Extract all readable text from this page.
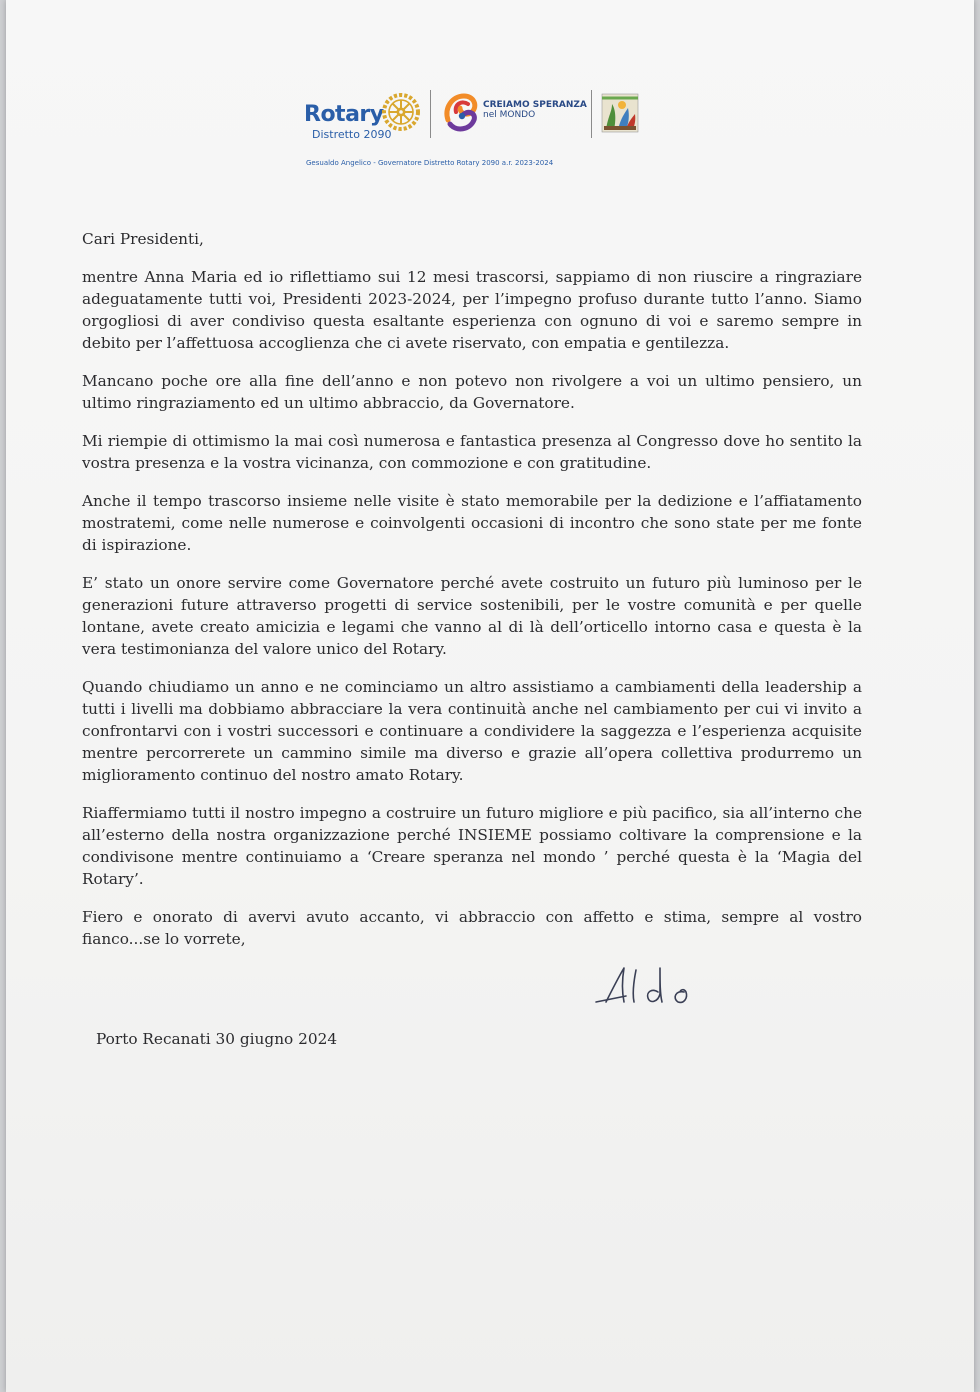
Rotary
Distretto 2090
CREIAMO SPERANZA
nel MONDO
Gesualdo Angelico - Governatore Distretto Rotary 2090 a.r. 2023-2024
Cari Presidenti,

mentre Anna Maria ed io riflettiamo sui 12 mesi trascorsi, sappiamo di non riuscire a ringraziare adeguatamente tutti voi, Presidenti 2023-2024, per l’impegno profuso durante tutto l’anno. Siamo orgogliosi di aver condiviso questa esaltante esperienza con ognuno di voi e saremo sempre in debito per l’affettuosa accoglienza che ci avete riservato, con empatia e gentilezza.

Mancano poche ore alla fine dell’anno e non potevo non rivolgere a voi un ultimo pensiero, un ultimo ringraziamento ed un ultimo abbraccio, da Governatore.

Mi riempie di ottimismo la mai così numerosa e fantastica presenza al Congresso dove ho sentito la vostra presenza e la vostra vicinanza, con commozione e con gratitudine.

Anche il tempo trascorso insieme nelle visite è stato memorabile per la dedizione e l’affiatamento mostratemi, come nelle numerose e coinvolgenti occasioni di incontro che sono state per me fonte di ispirazione.

E’ stato un onore servire come Governatore perché avete costruito un futuro più luminoso per le generazioni future attraverso progetti di service sostenibili, per le vostre comunità e per quelle lontane, avete creato amicizia e legami che vanno al di là dell’orticello intorno casa e questa è la vera testimonianza del valore unico del Rotary.

Quando chiudiamo un anno e ne cominciamo un altro assistiamo a cambiamenti della leadership a tutti i livelli ma dobbiamo abbracciare la vera continuità anche nel cambiamento per cui vi invito a confrontarvi con i vostri successori e continuare a condividere la saggezza e l’esperienza acquisite mentre percorrerete un cammino simile ma diverso e grazie all’opera collettiva produrremo un miglioramento continuo del nostro amato Rotary.

Riaffermiamo tutti il nostro impegno a costruire un futuro migliore e più pacifico, sia all’interno che all’esterno della nostra organizzazione perché INSIEME possiamo coltivare la comprensione e la condivisone mentre continuiamo a ‘Creare speranza nel mondo ’ perché questa è la ‘Magia del Rotary’.

Fiero e onorato di avervi avuto accanto, vi abbraccio con affetto e stima, sempre al vostro fianco...se lo vorrete,

Porto Recanati 30 giugno 2024
